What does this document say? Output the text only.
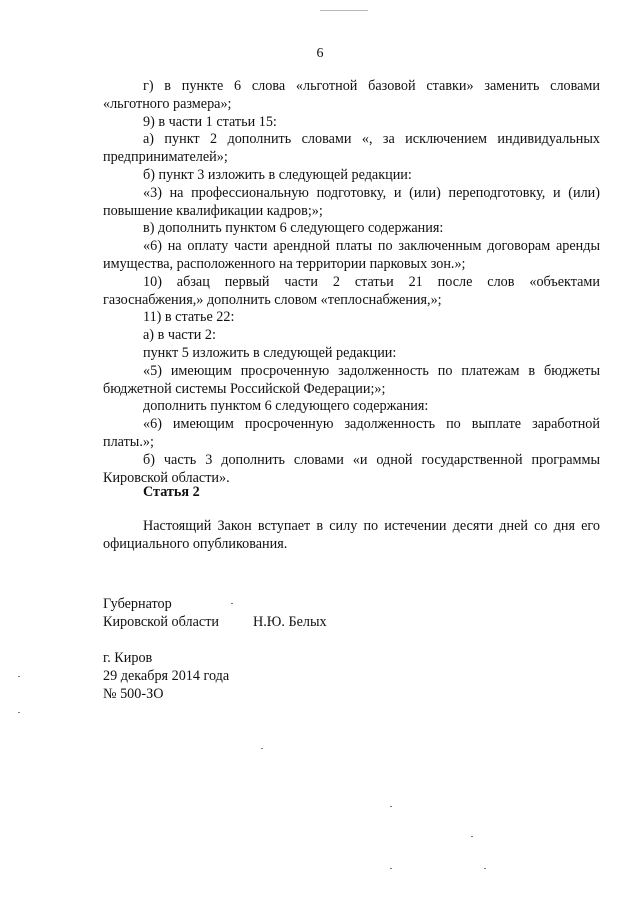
6

г) в пункте 6 слова «льготной базовой ставки» заменить словами «льготного размера»;

9) в части 1 статьи 15:

а) пункт 2 дополнить словами «, за исключением индивидуальных предпринимателей»;

б) пункт 3 изложить в следующей редакции:

«3) на профессиональную подготовку, и (или) переподготовку, и (или) повышение квалификации кадров;»;

в) дополнить пунктом 6 следующего содержания:

«6) на оплату части арендной платы по заключенным договорам аренды имущества, расположенного на территории парковых зон.»;

10) абзац первый части 2 статьи 21 после слов «объектами газоснабжения,» дополнить словом «теплоснабжения,»;

11) в статье 22:

а) в части 2:

пункт 5 изложить в следующей редакции:

«5) имеющим просроченную задолженность по платежам в бюджеты бюджетной системы Российской Федерации;»;

дополнить пунктом 6 следующего содержания:

«6) имеющим просроченную задолженность по выплате заработной платы.»;

б) часть 3 дополнить словами «и одной государственной программы Кировской области».

Статья 2

Настоящий Закон вступает в силу по истечении десяти дней со дня его официального опубликования.

Губернатор
Кировской области	Н.Ю. Белых
г. Киров
29 декабря 2014 года
№ 500-ЗО
